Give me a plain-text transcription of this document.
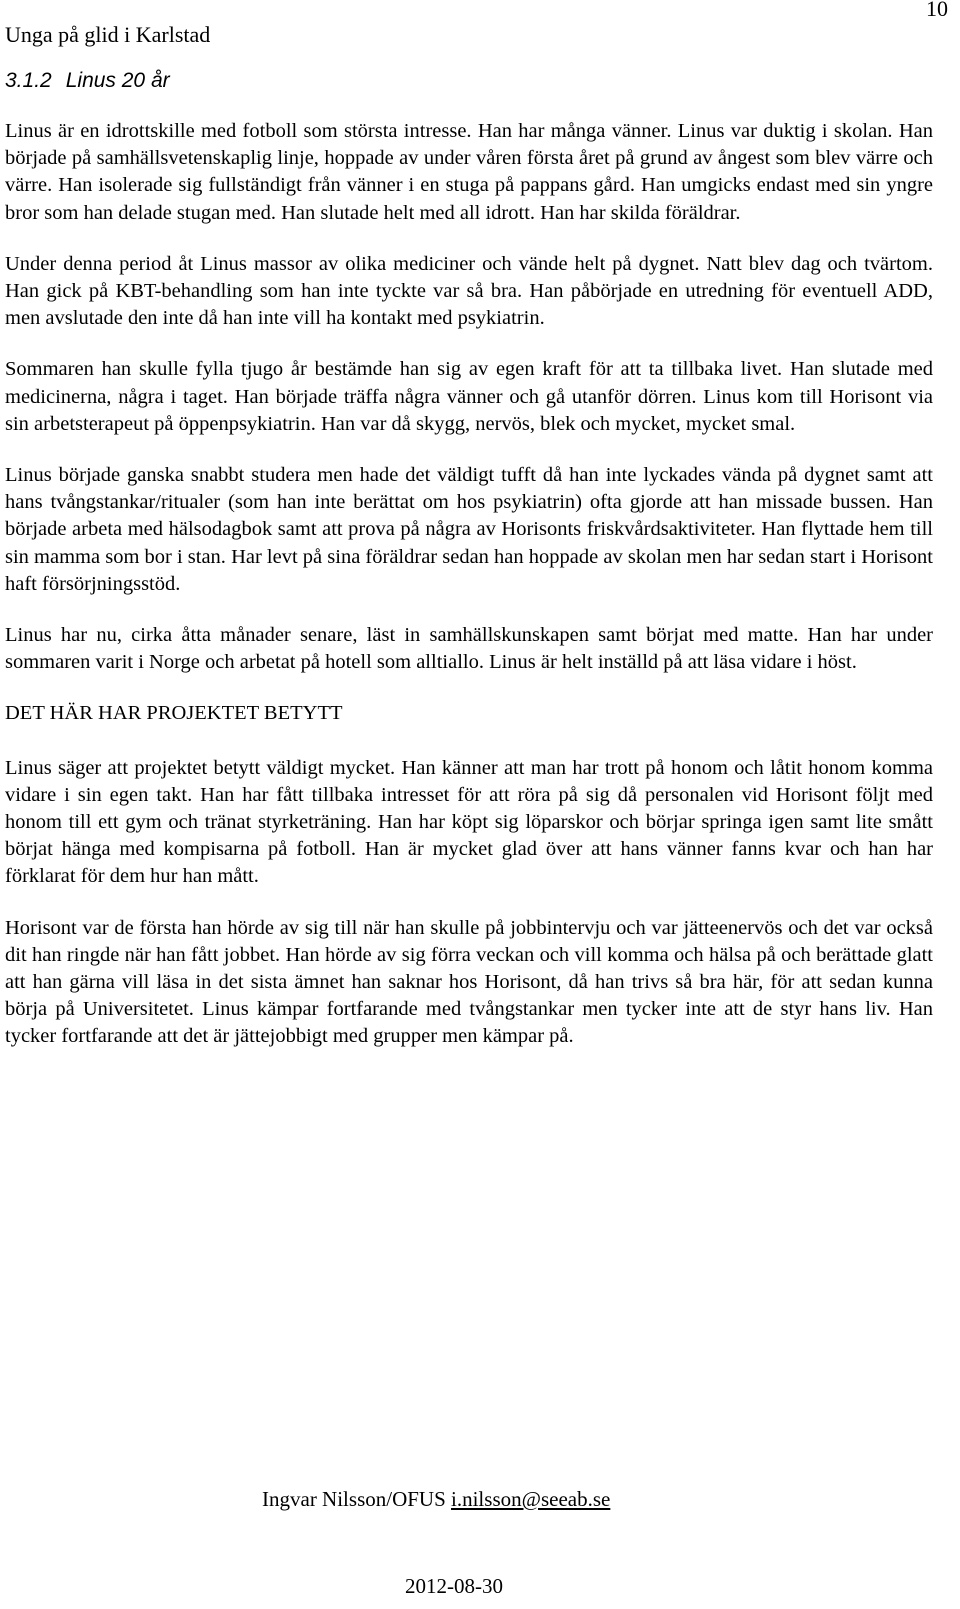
Unga på glid i Karlstad
10
3.1.2 Linus 20 år

Linus är en idrottskille med fotboll som största intresse. Han har många vänner. Linus var duktig i skolan. Han började på samhällsvetenskaplig linje, hoppade av under våren första året på grund av ångest som blev värre och värre. Han isolerade sig fullständigt från vänner i en stuga på pappans gård. Han umgicks endast med sin yngre bror som han delade stugan med. Han slutade helt med all idrott. Han har skilda föräldrar.

Under denna period åt Linus massor av olika mediciner och vände helt på dygnet. Natt blev dag och tvärtom. Han gick på KBT-behandling som han inte tyckte var så bra. Han påbörjade en utredning för eventuell ADD, men avslutade den inte då han inte vill ha kontakt med psykiatrin.

Sommaren han skulle fylla tjugo år bestämde han sig av egen kraft för att ta tillbaka livet. Han slutade med medicinerna, några i taget. Han började träffa några vänner och gå utanför dörren. Linus kom till Horisont via sin arbetsterapeut på öppenpsykiatrin. Han var då skygg, nervös, blek och mycket, mycket smal.

Linus började ganska snabbt studera men hade det väldigt tufft då han inte lyckades vända på dygnet samt att hans tvångstankar/ritualer (som han inte berättat om hos psykiatrin) ofta gjorde att han missade bussen. Han började arbeta med hälsodagbok samt att prova på några av Horisonts friskvårdsaktiviteter. Han flyttade hem till sin mamma som bor i stan. Har levt på sina föräldrar sedan han hoppade av skolan men har sedan start i Horisont haft försörjningsstöd.

Linus har nu, cirka åtta månader senare, läst in samhällskunskapen samt börjat med matte. Han har under sommaren varit i Norge och arbetat på hotell som alltiallo. Linus är helt inställd på att läsa vidare i höst.

DET HÄR HAR PROJEKTET BETYTT

Linus säger att projektet betytt väldigt mycket. Han känner att man har trott på honom och låtit honom komma vidare i sin egen takt. Han har fått tillbaka intresset för att röra på sig då personalen vid Horisont följt med honom till ett gym och tränat styrketräning. Han har köpt sig löparskor och börjar springa igen samt lite smått börjat hänga med kompisarna på fotboll. Han är mycket glad över att hans vänner fanns kvar och han har förklarat för dem hur han mått.

Horisont var de första han hörde av sig till när han skulle på jobbintervju och var jätteenervös och det var också dit han ringde när han fått jobbet. Han hörde av sig förra veckan och vill komma och hälsa på och berättade glatt att han gärna vill läsa in det sista ämnet han saknar hos Horisont, då han trivs så bra här, för att sedan kunna börja på Universitetet. Linus kämpar fortfarande med tvångstankar men tycker inte att de styr hans liv. Han tycker fortfarande att det är jättejobbigt med grupper men kämpar på.

Ingvar Nilsson/OFUS i.nilsson@seeab.se
2012-08-30
